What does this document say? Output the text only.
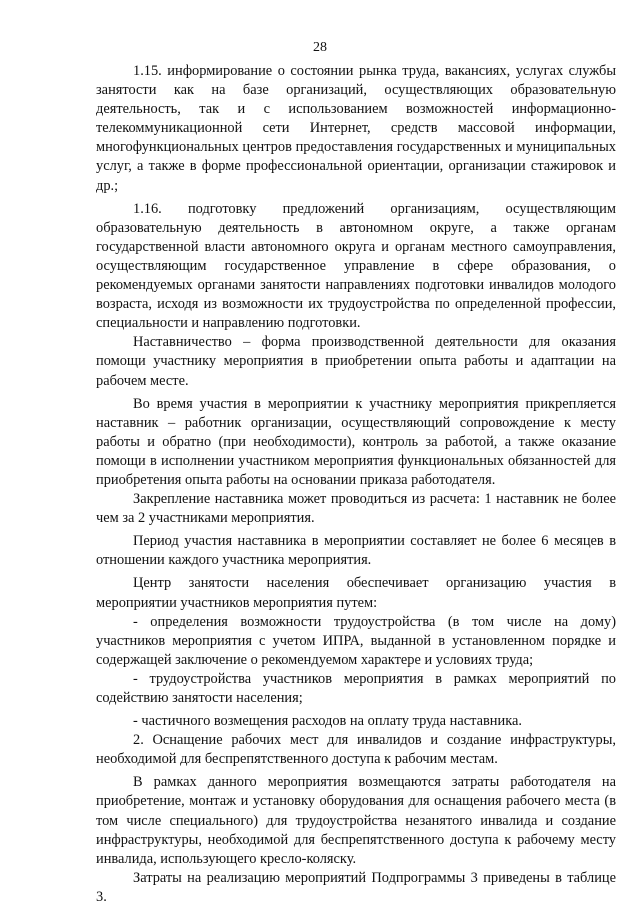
28

1.15. информирование о состоянии рынка труда, вакансиях, услугах службы занятости как на базе организаций, осуществляющих образовательную деятельность, так и с использованием возможностей информационно-телекоммуникационной сети Интернет, средств массовой информации, многофункциональных центров предоставления государственных и муниципальных услуг, а также в форме профессиональной ориентации, организации стажировок и др.;

1.16. подготовку предложений организациям, осуществляющим образовательную деятельность в автономном округе, а также органам государственной власти автономного округа и органам местного самоуправления, осуществляющим государственное управление в сфере образования, о рекомендуемых органами занятости направлениях подготовки инвалидов молодого возраста, исходя из возможности их трудоустройства по определенной профессии, специальности и направлению подготовки.

Наставничество – форма производственной деятельности для оказания помощи участнику мероприятия в приобретении опыта работы и адаптации на рабочем месте.

Во время участия в мероприятии к участнику мероприятия прикрепляется наставник – работник организации, осуществляющий сопровождение к месту работы и обратно (при необходимости), контроль за работой, а также оказание помощи в исполнении участником мероприятия функциональных обязанностей для приобретения опыта работы на основании приказа работодателя.

Закрепление наставника может проводиться из расчета: 1 наставник не более чем за 2 участниками мероприятия.

Период участия наставника в мероприятии составляет не более 6 месяцев в отношении каждого участника мероприятия.

Центр занятости населения обеспечивает организацию участия в мероприятии участников мероприятия путем:

- определения возможности трудоустройства (в том числе на дому) участников мероприятия с учетом ИПРА, выданной в установленном порядке и содержащей заключение о рекомендуемом характере и условиях труда;

- трудоустройства участников мероприятия в рамках мероприятий по содействию занятости населения;

- частичного возмещения расходов на оплату труда наставника.

2. Оснащение рабочих мест для инвалидов и создание инфраструктуры, необходимой для беспрепятственного доступа к рабочим местам.

В рамках данного мероприятия возмещаются затраты работодателя на приобретение, монтаж и установку оборудования для оснащения рабочего места (в том числе специального) для трудоустройства незанятого инвалида и создание инфраструктуры, необходимой для беспрепятственного доступа к рабочему месту инвалида, использующего кресло-коляску.

Затраты на реализацию мероприятий Подпрограммы 3 приведены в таблице 3.
